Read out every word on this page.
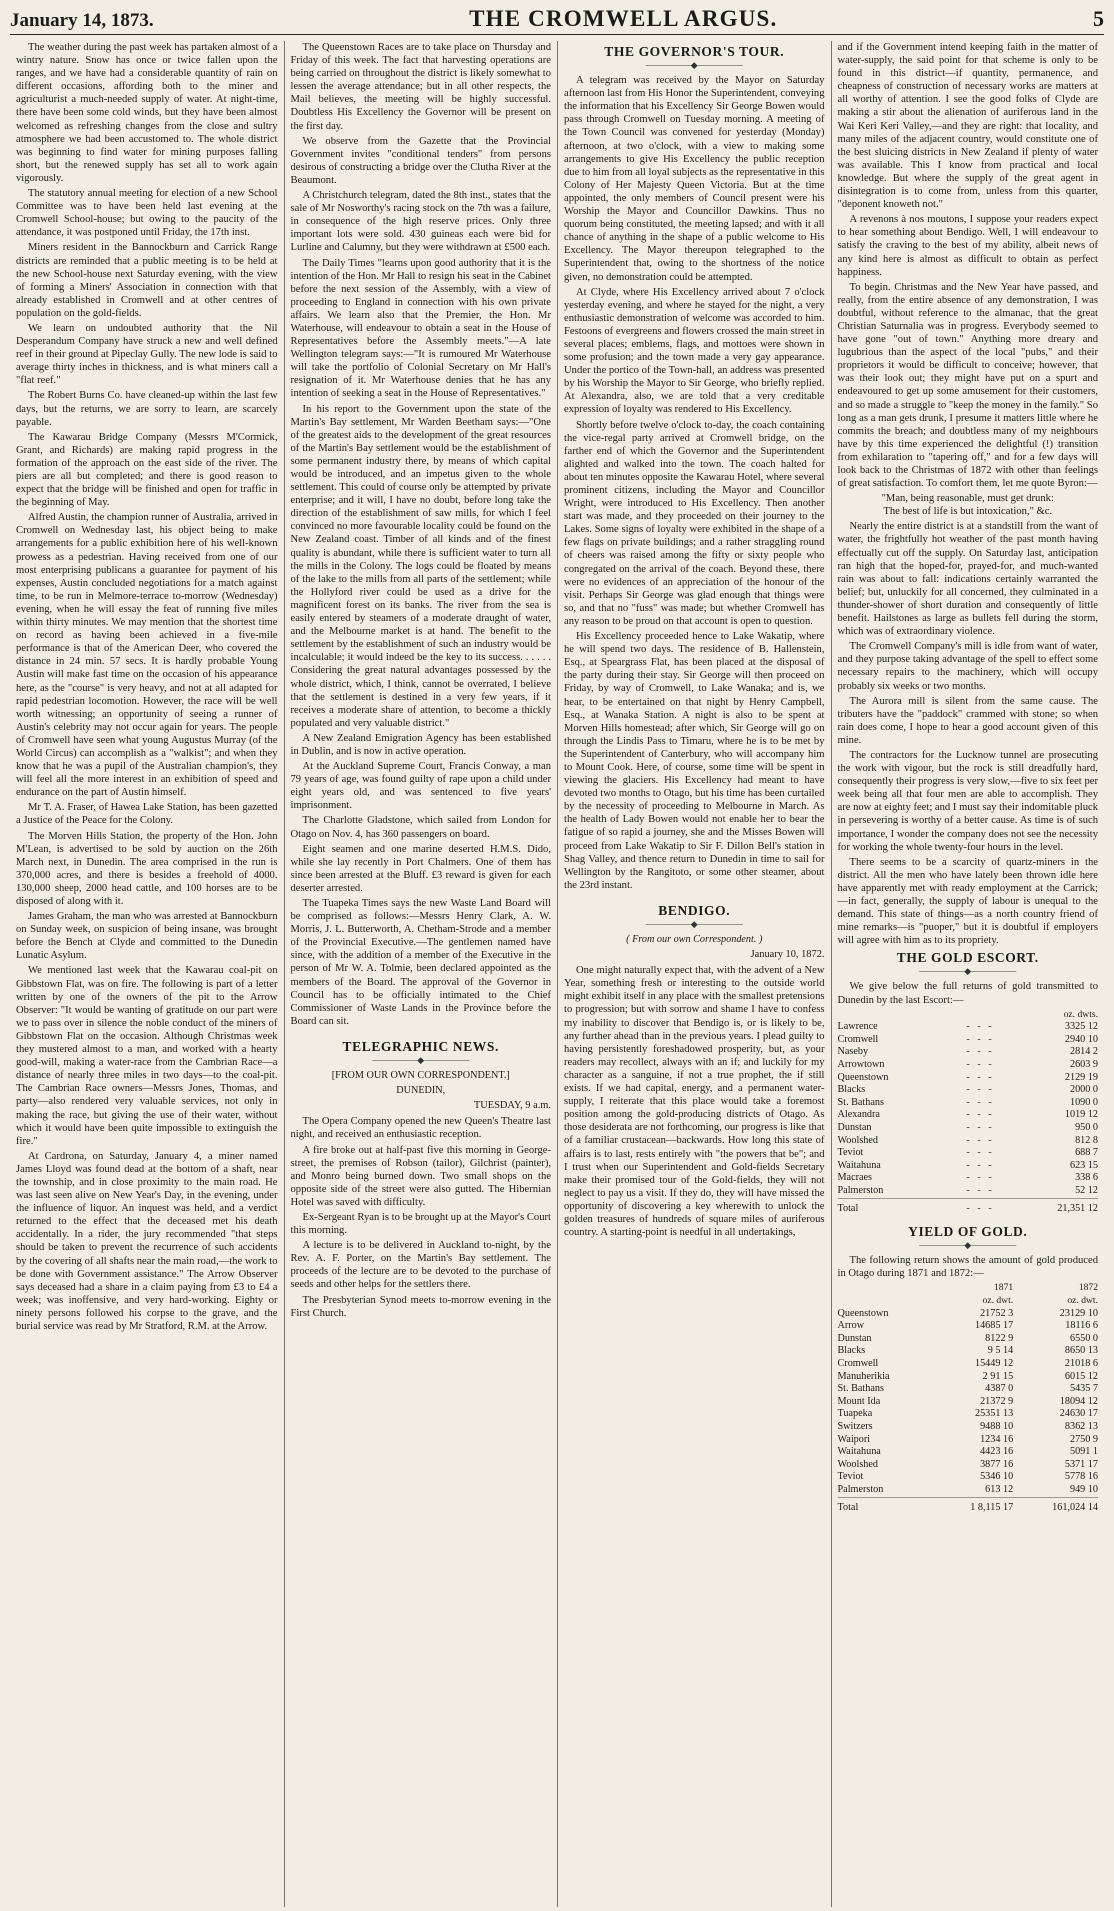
January 14, 1873.	THE CROMWELL ARGUS.	5

The weather during the past week has partaken almost of a wintry nature. Snow has once or twice fallen upon the ranges, and we have had a considerable quantity of rain on different occasions, affording both to the miner and agriculturist a much-needed supply of water. At night-time, there have been some cold winds, but they have been almost welcomed as refreshing changes from the close and sultry atmosphere we had been accustomed to. The whole district was beginning to find water for mining purposes falling short, but the renewed supply has set all to work again vigorously.

The statutory annual meeting for election of a new School Committee was to have been held last evening at the Cromwell School-house; but owing to the paucity of the attendance, it was postponed until Friday, the 17th inst.

Miners resident in the Bannockburn and Carrick Range districts are reminded that a public meeting is to be held at the new School-house next Saturday evening, with the view of forming a Miners' Association in connection with that already established in Cromwell and at other centres of population on the gold-fields.

We learn on undoubted authority that the Nil Desperandum Company have struck a new and well defined reef in their ground at Pipeclay Gully. The new lode is said to average thirty inches in thickness, and is what miners call a "flat reef."

The Robert Burns Co. have cleaned-up within the last few days, but the returns, we are sorry to learn, are scarcely payable.

The Kawarau Bridge Company (Messrs M'Cormick, Grant, and Richards) are making rapid progress in the formation of the approach on the east side of the river. The piers are all but completed; and there is good reason to expect that the bridge will be finished and open for traffic in the beginning of May.

Alfred Austin, the champion runner of Australia, arrived in Cromwell on Wednesday last, his object being to make arrangements for a public exhibition here of his well-known prowess as a pedestrian. Having received from one of our most enterprising publicans a guarantee for payment of his expenses, Austin concluded negotiations for a match against time, to be run in Melmore-terrace to-morrow (Wednesday) evening, when he will essay the feat of running five miles within thirty minutes. We may mention that the shortest time on record as having been achieved in a five-mile performance is that of the American Deer, who covered the distance in 24 min. 57 secs. It is hardly probable Young Austin will make fast time on the occasion of his appearance here, as the "course" is very heavy, and not at all adapted for rapid pedestrian locomotion. However, the race will be well worth witnessing; an opportunity of seeing a runner of Austin's celebrity may not occur again for years. The people of Cromwell have seen what young Augustus Murray (of the World Circus) can accomplish as a "walkist"; and when they know that he was a pupil of the Australian champion's, they will feel all the more interest in an exhibition of speed and endurance on the part of Austin himself.

Mr T. A. Fraser, of Hawea Lake Station, has been gazetted a Justice of the Peace for the Colony.

The Morven Hills Station, the property of the Hon. John M'Lean, is advertised to be sold by auction on the 26th March next, in Dunedin. The area comprised in the run is 370,000 acres, and there is besides a freehold of 4000. 130,000 sheep, 2000 head cattle, and 100 horses are to be disposed of along with it.

James Graham, the man who was arrested at Bannockburn on Sunday week, on suspicion of being insane, was brought before the Bench at Clyde and committed to the Dunedin Lunatic Asylum.

We mentioned last week that the Kawarau coal-pit on Gibbstown Flat, was on fire. The following is part of a letter written by one of the owners of the pit to the Arrow Observer: "It would be wanting of gratitude on our part were we to pass over in silence the noble conduct of the miners of Gibbstown Flat on the occasion. Although Christmas week they mustered almost to a man, and worked with a hearty good-will, making a water-race from the Cambrian Race—a distance of nearly three miles in two days—to the coal-pit. The Cambrian Race owners—Messrs Jones, Thomas, and party—also rendered very valuable services, not only in making the race, but giving the use of their water, without which it would have been quite impossible to extinguish the fire."

At Cardrona, on Saturday, January 4, a miner named James Lloyd was found dead at the bottom of a shaft, near the township, and in close proximity to the main road. He was last seen alive on New Year's Day, in the evening, under the influence of liquor. An inquest was held, and a verdict returned to the effect that the deceased met his death accidentally. In a rider, the jury recommended "that steps should be taken to prevent the recurrence of such accidents by the covering of all shafts near the main road,—the work to be done with Government assistance." The Arrow Observer says deceased had a share in a claim paying from £3 to £4 a week; was inoffensive, and very hard-working. Eighty or ninety persons followed his corpse to the grave, and the burial service was read by Mr Stratford, R.M. at the Arrow.

The Queenstown Races are to take place on Thursday and Friday of this week. The fact that harvesting operations are being carried on throughout the district is likely somewhat to lessen the average attendance; but in all other respects, the Mail believes, the meeting will be highly successful. Doubtless His Excellency the Governor will be present on the first day.

We observe from the Gazette that the Provincial Government invites "conditional tenders" from persons desirous of constructing a bridge over the Clutha River at the Beaumont.

A Christchurch telegram, dated the 8th inst., states that the sale of Mr Nosworthy's racing stock on the 7th was a failure, in consequence of the high reserve prices. Only three important lots were sold. 430 guineas each were bid for Lurline and Calumny, but they were withdrawn at £500 each.

The Daily Times "learns upon good authority that it is the intention of the Hon. Mr Hall to resign his seat in the Cabinet before the next session of the Assembly, with a view of proceeding to England in connection with his own private affairs. We learn also that the Premier, the Hon. Mr Waterhouse, will endeavour to obtain a seat in the House of Representatives before the Assembly meets."—A late Wellington telegram says:—"It is rumoured Mr Waterhouse will take the portfolio of Colonial Secretary on Mr Hall's resignation of it. Mr Waterhouse denies that he has any intention of seeking a seat in the House of Representatives."

In his report to the Government upon the state of the Martin's Bay settlement, Mr Warden Beetham says:—"One of the greatest aids to the development of the great resources of the Martin's Bay settlement would be the establishment of some permanent industry there, by means of which capital would be introduced, and an impetus given to the whole settlement. This could of course only be attempted by private enterprise; and it will, I have no doubt, before long take the direction of the establishment of saw mills, for which I feel convinced no more favourable locality could be found on the New Zealand coast. Timber of all kinds and of the finest quality is abundant, while there is sufficient water to turn all the mills in the Colony. The logs could be floated by means of the lake to the mills from all parts of the settlement; while the Hollyford river could be used as a drive for the magnificent forest on its banks. The river from the sea is easily entered by steamers of a moderate draught of water, and the Melbourne market is at hand. The benefit to the settlement by the establishment of such an industry would be incalculable; it would indeed be the key to its success. . . . . . Considering the great natural advantages possessed by the whole district, which, I think, cannot be overrated, I believe that the settlement is destined in a very few years, if it receives a moderate share of attention, to become a thickly populated and very valuable district."

A New Zealand Emigration Agency has been established in Dublin, and is now in active operation.

At the Auckland Supreme Court, Francis Conway, a man 79 years of age, was found guilty of rape upon a child under eight years old, and was sentenced to five years' imprisonment.

The Charlotte Gladstone, which sailed from London for Otago on Nov. 4, has 360 passengers on board.

Eight seamen and one marine deserted H.M.S. Dido, while she lay recently in Port Chalmers. One of them has since been arrested at the Bluff. £3 reward is given for each deserter arrested.

The Tuapeka Times says the new Waste Land Board will be comprised as follows:—Messrs Henry Clark, A. W. Morris, J. L. Butterworth, A. Chetham-Strode and a member of the Provincial Executive.—The gentlemen named have since, with the addition of a member of the Executive in the person of Mr W. A. Tolmie, been declared appointed as the members of the Board. The approval of the Governor in Council has to be officially intimated to the Chief Commissioner of Waste Lands in the Province before the Board can sit.

TELEGRAPHIC NEWS.
—————◆—————
[FROM OUR OWN CORRESPONDENT.]
DUNEDIN,
TUESDAY, 9 a.m.

The Opera Company opened the new Queen's Theatre last night, and received an enthusiastic reception.

A fire broke out at half-past five this morning in George-street, the premises of Robson (tailor), Gilchrist (painter), and Monro being burned down. Two small shops on the opposite side of the street were also gutted. The Hibernian Hotel was saved with difficulty.

Ex-Sergeant Ryan is to be brought up at the Mayor's Court this morning.

A lecture is to be delivered in Auckland to-night, by the Rev. A. F. Porter, on the Martin's Bay settlement. The proceeds of the lecture are to be devoted to the purchase of seeds and other helps for the settlers there.

The Presbyterian Synod meets to-morrow evening in the First Church.

THE GOVERNOR'S TOUR.
—————◆—————

A telegram was received by the Mayor on Saturday afternoon last from His Honor the Superintendent, conveying the information that his Excellency Sir George Bowen would pass through Cromwell on Tuesday morning. A meeting of the Town Council was convened for yesterday (Monday) afternoon, at two o'clock, with a view to making some arrangements to give His Excellency the public reception due to him from all loyal subjects as the representative in this Colony of Her Majesty Queen Victoria. But at the time appointed, the only members of Council present were his Worship the Mayor and Councillor Dawkins. Thus no quorum being constituted, the meeting lapsed; and with it all chance of anything in the shape of a public welcome to His Excellency. The Mayor thereupon telegraphed to the Superintendent that, owing to the shortness of the notice given, no demonstration could be attempted.

At Clyde, where His Excellency arrived about 7 o'clock yesterday evening, and where he stayed for the night, a very enthusiastic demonstration of welcome was accorded to him. Festoons of evergreens and flowers crossed the main street in several places; emblems, flags, and mottoes were shown in some profusion; and the town made a very gay appearance. Under the portico of the Town-hall, an address was presented by his Worship the Mayor to Sir George, who briefly replied. At Alexandra, also, we are told that a very creditable expression of loyalty was rendered to His Excellency.

Shortly before twelve o'clock to-day, the coach containing the vice-regal party arrived at Cromwell bridge, on the farther end of which the Governor and the Superintendent alighted and walked into the town. The coach halted for about ten minutes opposite the Kawarau Hotel, where several prominent citizens, including the Mayor and Councillor Wright, were introduced to His Excellency. Then another start was made, and they proceeded on their journey to the Lakes. Some signs of loyalty were exhibited in the shape of a few flags on private buildings; and a rather straggling round of cheers was raised among the fifty or sixty people who congregated on the arrival of the coach. Beyond these, there were no evidences of an appreciation of the honour of the visit. Perhaps Sir George was glad enough that things were so, and that no "fuss" was made; but whether Cromwell has any reason to be proud on that account is open to question.

His Excellency proceeded hence to Lake Wakatip, where he will spend two days. The residence of B. Hallenstein, Esq., at Speargrass Flat, has been placed at the disposal of the party during their stay. Sir George will then proceed on Friday, by way of Cromwell, to Lake Wanaka; and is, we hear, to be entertained on that night by Henry Campbell, Esq., at Wanaka Station. A night is also to be spent at Morven Hills homestead; after which, Sir George will go on through the Lindis Pass to Timaru, where he is to be met by the Superintendent of Canterbury, who will accompany him to Mount Cook. Here, of course, some time will be spent in viewing the glaciers. His Excellency had meant to have devoted two months to Otago, but his time has been curtailed by the necessity of proceeding to Melbourne in March. As the health of Lady Bowen would not enable her to bear the fatigue of so rapid a journey, she and the Misses Bowen will proceed from Lake Wakatip to Sir F. Dillon Bell's station in Shag Valley, and thence return to Dunedin in time to sail for Wellington by the Rangitoto, or some other steamer, about the 23rd instant.

BENDIGO.
—————◆—————
( From our own Correspondent. )
January 10, 1872.

One might naturally expect that, with the advent of a New Year, something fresh or interesting to the outside world might exhibit itself in any place with the smallest pretensions to progression; but with sorrow and shame I have to confess my inability to discover that Bendigo is, or is likely to be, any further ahead than in the previous years. I plead guilty to having persistently foreshadowed prosperity, but, as your readers may recollect, always with an if; and luckily for my character as a sanguine, if not a true prophet, the if still exists. If we had capital, energy, and a permanent water-supply, I reiterate that this place would take a foremost position among the gold-producing districts of Otago. As those desiderata are not forthcoming, our progress is like that of a familiar crustacean—backwards. How long this state of affairs is to last, rests entirely with "the powers that be"; and I trust when our Superintendent and Gold-fields Secretary make their promised tour of the Gold-fields, they will not neglect to pay us a visit. If they do, they will have missed the opportunity of discovering a key wherewith to unlock the golden treasures of hundreds of square miles of auriferous country. A starting-point is needful in all undertakings,

and if the Government intend keeping faith in the matter of water-supply, the said point for that scheme is only to be found in this district—if quantity, permanence, and cheapness of construction of necessary works are matters at all worthy of attention. I see the good folks of Clyde are making a stir about the alienation of auriferous land in the Wai Keri Keri Valley,—and they are right: that locality, and many miles of the adjacent country, would constitute one of the best sluicing districts in New Zealand if plenty of water was available. This I know from practical and local knowledge. But where the supply of the great agent in disintegration is to come from, unless from this quarter, "deponent knoweth not."

A revenons à nos moutons, I suppose your readers expect to hear something about Bendigo. Well, I will endeavour to satisfy the craving to the best of my ability, albeit news of any kind here is almost as difficult to obtain as perfect happiness.

To begin. Christmas and the New Year have passed, and really, from the entire absence of any demonstration, I was doubtful, without reference to the almanac, that the great Christian Saturnalia was in progress. Everybody seemed to have gone "out of town." Anything more dreary and lugubrious than the aspect of the local "pubs," and their proprietors it would be difficult to conceive; however, that was their look out; they might have put on a spurt and endeavoured to get up some amusement for their customers, and so made a struggle to "keep the money in the family." So long as a man gets drunk, I presume it matters little where he commits the breach; and doubtless many of my neighbours have by this time experienced the delightful (!) transition from exhilaration to "tapering off," and for a few days will look back to the Christmas of 1872 with other than feelings of great satisfaction. To comfort them, let me quote Byron:—

"Man, being reasonable, must get drunk:
The best of life is but intoxication," &c.

Nearly the entire district is at a standstill from the want of water, the frightfully hot weather of the past month having effectually cut off the supply. On Saturday last, anticipation ran high that the hoped-for, prayed-for, and much-wanted rain was about to fall: indications certainly warranted the belief; but, unluckily for all concerned, they culminated in a thunder-shower of short duration and consequently of little benefit. Hailstones as large as bullets fell during the storm, which was of extraordinary violence.

The Cromwell Company's mill is idle from want of water, and they purpose taking advantage of the spell to effect some necessary repairs to the machinery, which will occupy probably six weeks or two months.

The Aurora mill is silent from the same cause. The tributers have the "paddock" crammed with stone; so when rain does come, I hope to hear a good account given of this mine.

The contractors for the Lucknow tunnel are prosecuting the work with vigour, but the rock is still dreadfully hard, consequently their progress is very slow,—five to six feet per week being all that four men are able to accomplish. They are now at eighty feet; and I must say their indomitable pluck in persevering is worthy of a better cause. As time is of such importance, I wonder the company does not see the necessity for working the whole twenty-four hours in the level.

There seems to be a scarcity of quartz-miners in the district. All the men who have lately been thrown idle here have apparently met with ready employment at the Carrick;—in fact, generally, the supply of labour is unequal to the demand. This state of things—as a north country friend of mine remarks—is "puoper," but it is doubtful if employers will agree with him as to its propriety.

THE GOLD ESCORT.
—————◆—————

We give below the full returns of gold transmitted to Dunedin by the last Escort:—

		oz. dwts.
Lawrence	-   -   -	3325 12
Cromwell	-   -   -	2940 10
Naseby	-   -   -	2814 2
Arrowtown	-   -   -	2603 9
Queenstown	-   -   -	2129 19
Blacks	-   -   -	2000 0
St. Bathans	-   -   -	1090 0
Alexandra	-   -   -	1019 12
Dunstan	-   -   -	950 0
Woolshed	-   -   -	812 8
Teviot	-   -   -	688 7
Waitahuna	-   -   -	623 15
Macraes	-   -   -	338 6
Palmerston	-   -   -	52 12
Total	-   -   -	21,351 12
YIELD OF GOLD.
—————◆—————

The following return shows the amount of gold produced in Otago during 1871 and 1872:—

	1871	1872
	oz. dwt.	oz. dwt.
Queenstown	21752 3	23129 10
Arrow	14685 17	18116 6
Dunstan	8122 9	6550 0
Blacks	9 5 14	8650 13
Cromwell	15449 12	21018 6
Manuherikia	2 91 15	6015 12
St. Bathans	4387 0	5435 7
Mount Ida	21372 9	18094 12
Tuapeka	25351 13	24630 17
Switzers	9488 10	8362 13
Waipori	1234 16	2750 9
Waitahuna	4423 16	5091 1
Woolshed	3877 16	5371 17
Teviot	5346 10	5778 16
Palmerston	613 12	949 10
Total	1 8,115 17	161,024 14
